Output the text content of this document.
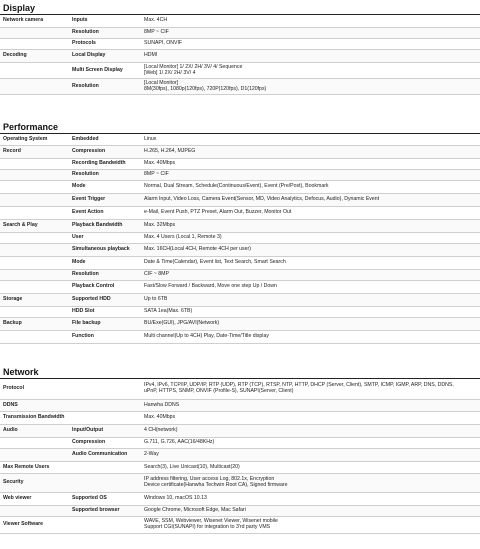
Display
Network camera	Inputs	Max. 4CH
Resolution	8MP ~ CIF
Protocols	SUNAPI, ONVIF
Decoding	Local Display	HDMI
Multi Screen Display	[Local Monitor] 1/ 2X/ 2H/ 3V/ 4/ Sequence
[Web] 1/ 2X/ 2H/ 3V/ 4
Resolution	[Local Monitor]
8M(30fps), 1080p(120fps), 720P(120fps), D1(120fps)
Performance
Operating System	Embedded	Linux
Record	Compression	H.265, H.264, MJPEG
Recording Bandwidth	Max. 40Mbps
Resolution	8MP ~ CIF
Mode	Normal, Dual Stream, Schedule(Continuous/Event), Event (Pre/Post), Bookmark
Event Trigger	Alarm Input, Video Loss, Camera Event(Sensor, MD, Video Analytics, Defocus, Audio), Dynamic Event
Event Action	e-Mail, Event Push, PTZ Preset, Alarm Out, Buzzer, Monitor Out
Search & Play	Playback Bandwidth	Max. 32Mbps
User	Max. 4 Users (Local 1, Remote 3)
Simultaneous playback	Max. 16CH(Local 4CH, Remote 4CH per user)
Mode	Date & Time(Calendar), Event list, Text Search, Smart Search
Resolution	CIF ~ 8MP
Playback Control	Fast/Slow Forward / Backward, Move one step Up / Down
Storage	Supported HDD	Up to 6TB
HDD Slot	SATA 1ea(Max. 6TB)
Backup	File backup	BU/Exe(GUI), JPG/AVI(Network)
Function	Multi channel(Up to 4CH) Play, Date-Time/Title display
Network
Protocol	IPv4, IPv6, TCP/IP, UDP/IP, RTP (UDP), RTP (TCP), RTSP, NTP, HTTP, DHCP (Server, Client), SMTP, ICMP, IGMP, ARP, DNS, DDNS,
uPnP, HTTPS, SNMP, ONVIF (Profile-S), SUNAPI(Server, Client)
DDNS	Hanwha DDNS
Transmission Bandwidth	Max. 40Mbps
Audio	Input/Output	4 CH(network)
Compression	G.711, G.726, AAC(16/48KHz)
Audio Communication	2-Way
Max Remote Users	Search(3), Live Unicast(10), Multicast(20)
Security	IP address filtering, User access Log, 802.1x, Encryption
Device certificate(Hanwha Techwin Root CA), Signed firmware
Web viewer	Supported OS	Windows 10, macOS 10.13
Supported browser	Google Chrome, Microsoft Edge, Mac Safari
Viewer Software	WAVE, SSM, Webviewer, Wisenet Viewer, Wisenet mobile
Support CGI(SUNAPI) for integration to 3'rd party VMS
